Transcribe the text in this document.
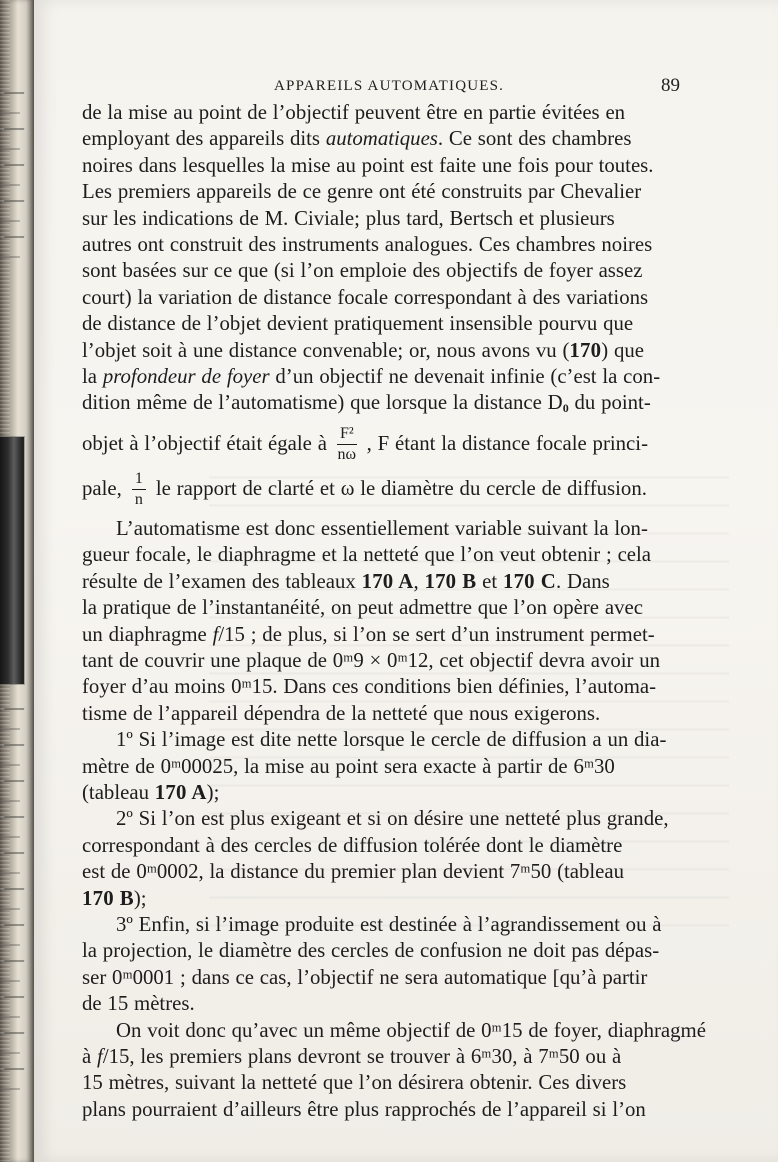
APPAREILS AUTOMATIQUES.	89

de la mise au point de l’objectif peuvent être en partie évitées en

employant des appareils dits automatiques. Ce sont des chambres

noires dans lesquelles la mise au point est faite une fois pour toutes.

Les premiers appareils de ce genre ont été construits par Chevalier

sur les indications de M. Civiale; plus tard, Bertsch et plusieurs

autres ont construit des instruments analogues. Ces chambres noires

sont basées sur ce que (si l’on emploie des objectifs de foyer assez

court) la variation de distance focale correspondant à des variations

de distance de l’objet devient pratiquement insensible pourvu que

l’objet soit à une distance convenable; or, nous avons vu (170) que

la profondeur de foyer d’un objectif ne devenait infinie (c’est la con-

dition même de l’automatisme) que lorsque la distance $D_0$ du point-

objet à l’objectif était égale à $\frac{\text{F²}}{n\omega}$ , F étant la distance focale princi-

pale, $\frac{1}{n}$ le rapport de clarté et ω le diamètre du cercle de diffusion.

L’automatisme est donc essentiellement variable suivant la lon-

gueur focale, le diaphragme et la netteté que l’on veut obtenir ; cela

résulte de l’examen des tableaux 170 A, 170 B et 170 C. Dans

la pratique de l’instantanéité, on peut admettre que l’on opère avec

un diaphragme f/15 ; de plus, si l’on se sert d’un instrument permet-

tant de couvrir une plaque de 0ᵐ9 × 0ᵐ12, cet objectif devra avoir un

foyer d’au moins 0ᵐ15. Dans ces conditions bien définies, l’automa-

tisme de l’appareil dépendra de la netteté que nous exigerons.

1º Si l’image est dite nette lorsque le cercle de diffusion a un dia-

mètre de 0ᵐ00025, la mise au point sera exacte à partir de 6ᵐ30

(tableau 170 A);

2º Si l’on est plus exigeant et si on désire une netteté plus grande,

correspondant à des cercles de diffusion tolérée dont le diamètre

est de 0ᵐ0002, la distance du premier plan devient 7ᵐ50 (tableau

170 B);

3º Enfin, si l’image produite est destinée à l’agrandissement ou à

la projection, le diamètre des cercles de confusion ne doit pas dépas-

ser 0ᵐ0001 ; dans ce cas, l’objectif ne sera automatique [qu’à partir

de 15 mètres.

On voit donc qu’avec un même objectif de 0ᵐ15 de foyer, diaphragmé

à f/15, les premiers plans devront se trouver à 6ᵐ30, à 7ᵐ50 ou à

15 mètres, suivant la netteté que l’on désirera obtenir. Ces divers

plans pourraient d’ailleurs être plus rapprochés de l’appareil si l’on
